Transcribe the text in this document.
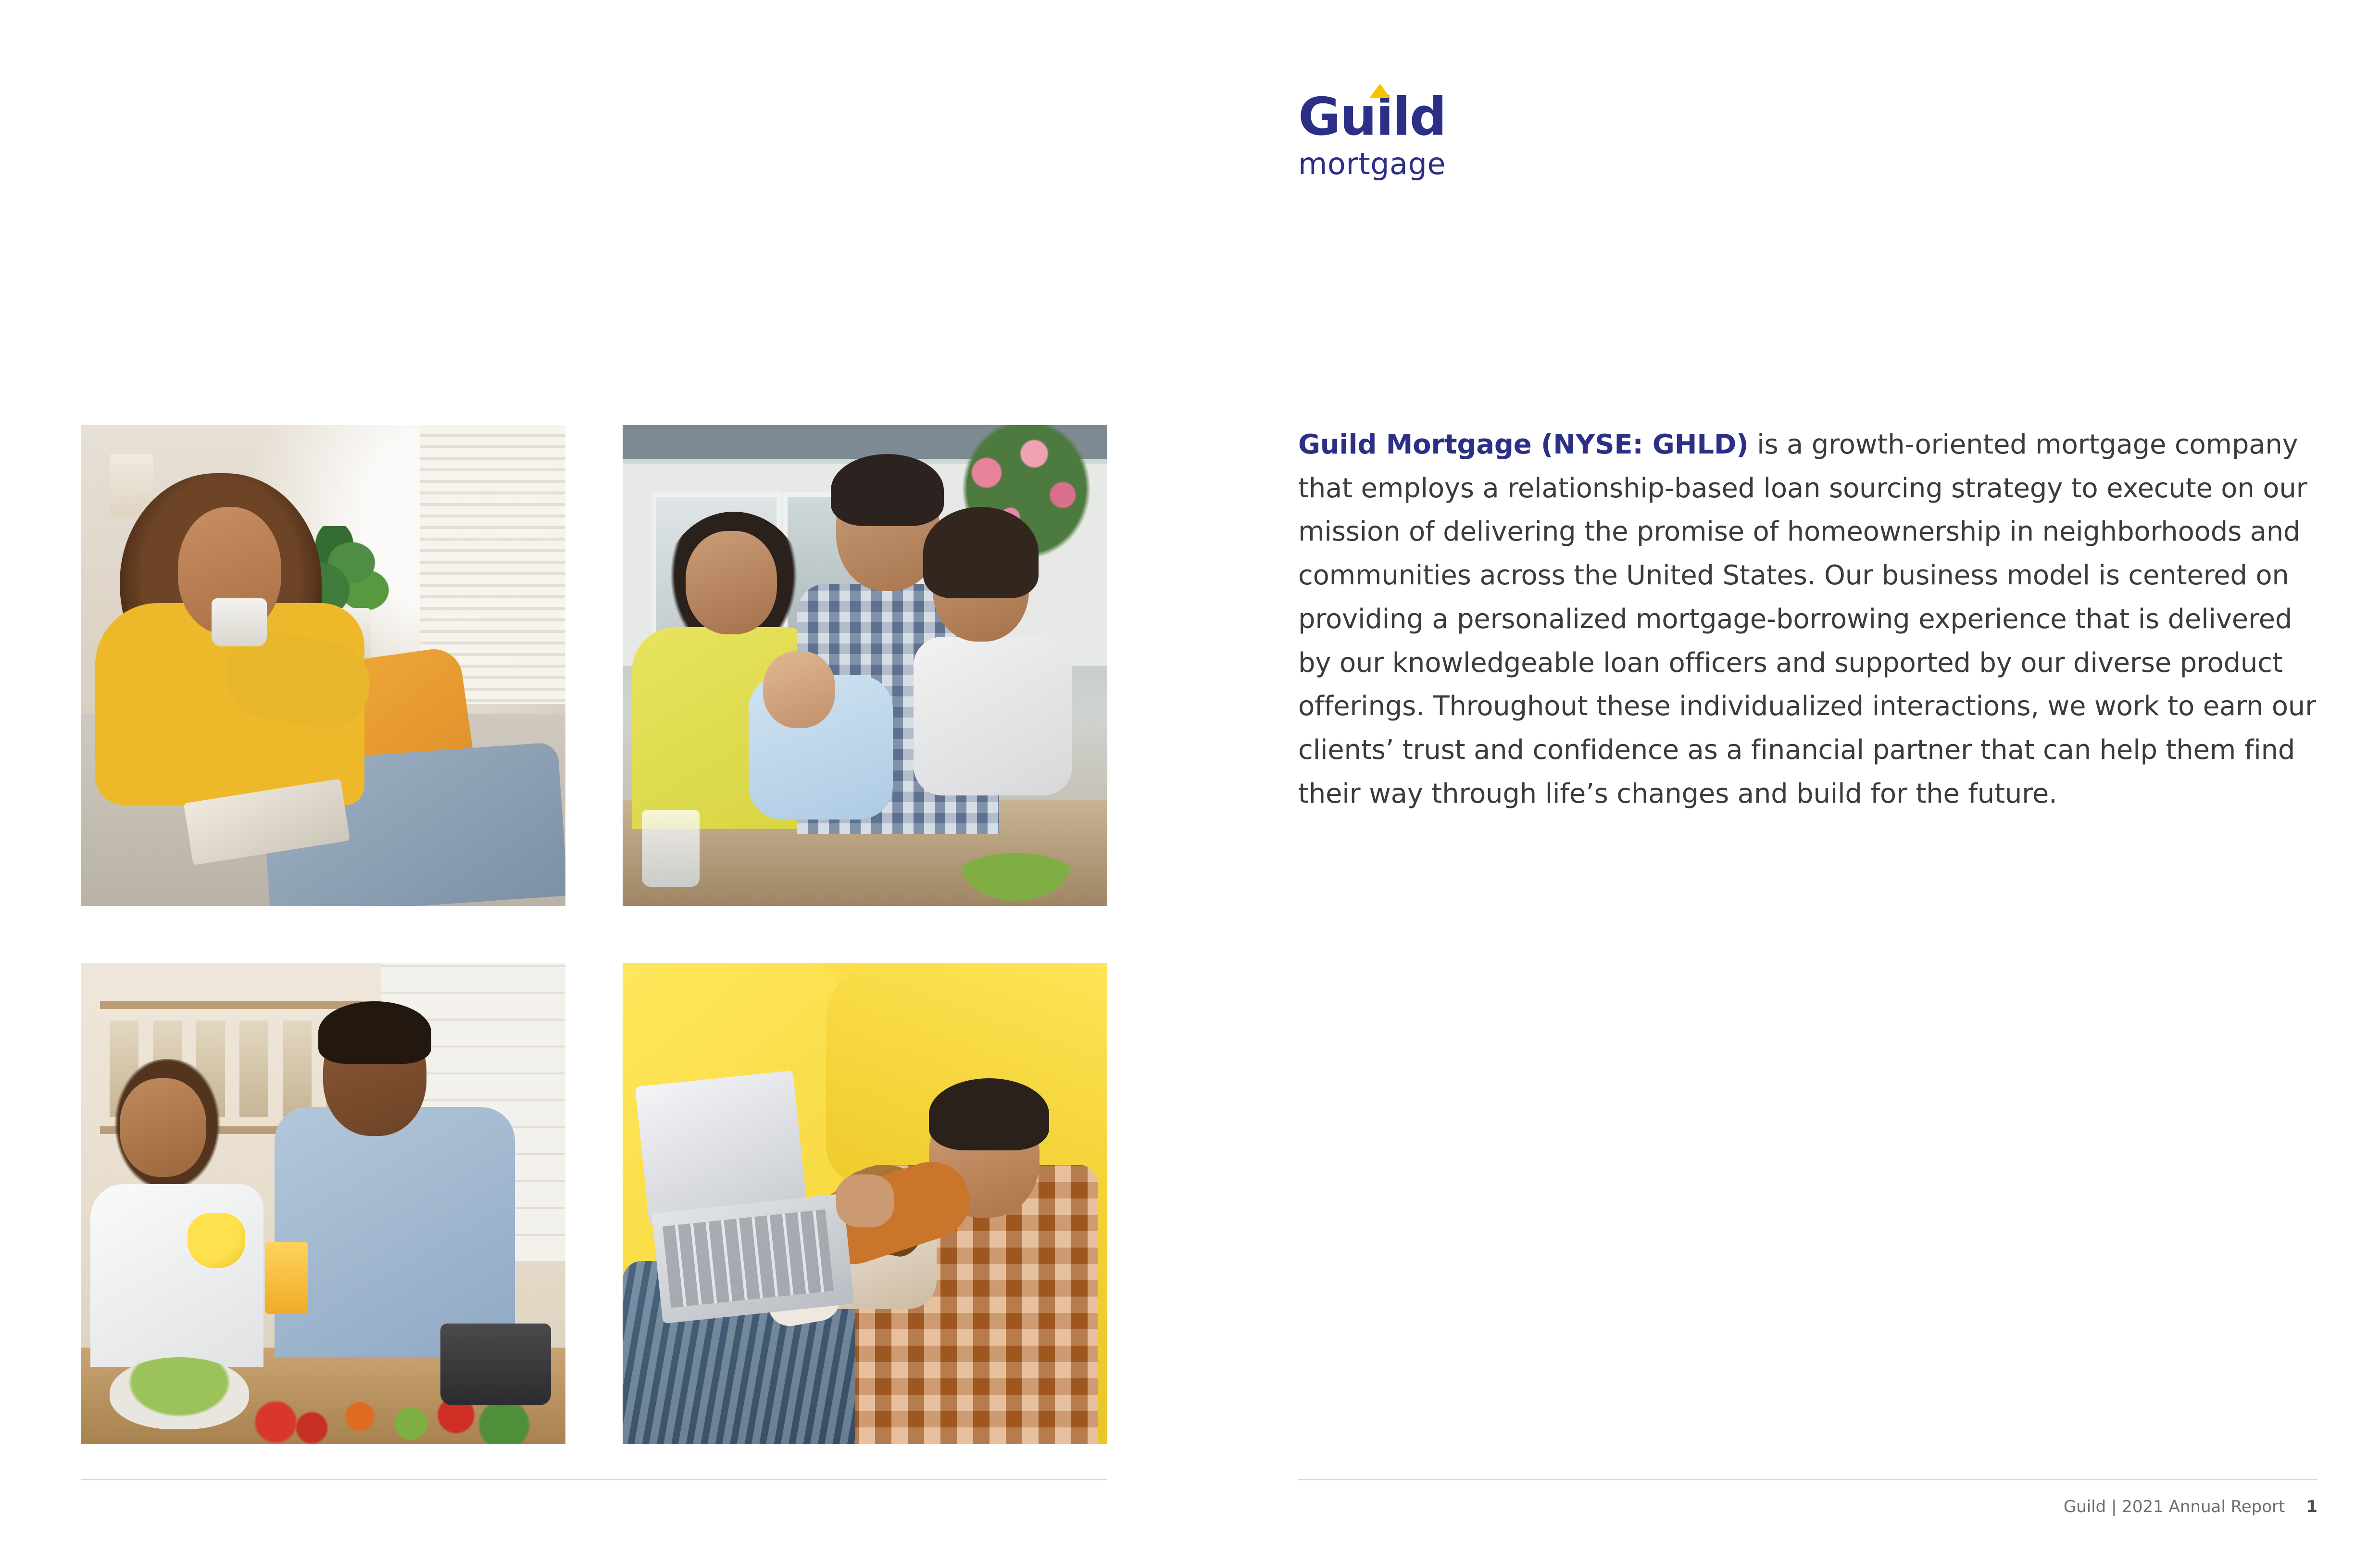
Guild
mortgage
Guild Mortgage (NYSE: GHLD) is a growth-oriented mortgage company that employs a relationship-based loan sourcing strategy to execute on our mission of delivering the promise of homeownership in neighborhoods and communities across the United States. Our business model is centered on providing a personalized mortgage-borrowing experience that is delivered by our knowledgeable loan officers and supported by our diverse product offerings. Throughout these individualized interactions, we work to earn our clients’ trust and confidence as a financial partner that can help them find their way through life’s changes and build for the future.
Guild | 2021 Annual Report 1
